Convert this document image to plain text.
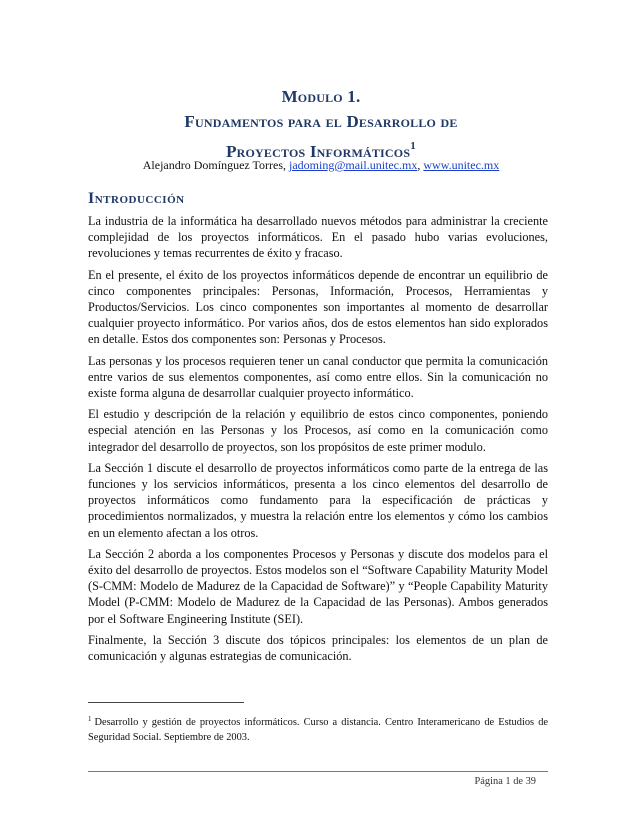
Modulo 1.
Fundamentos para el Desarrollo de
Proyectos Informáticos$^1$
Alejandro Domínguez Torres, jadoming@mail.unitec.mx, www.unitec.mx
Introducción

La industria de la informática ha desarrollado nuevos métodos para administrar la creciente complejidad de los proyectos informáticos. En el pasado hubo varias evoluciones, revoluciones y temas recurrentes de éxito y fracaso.

En el presente, el éxito de los proyectos informáticos depende de encontrar un equilibrio de cinco componentes principales: Personas, Información, Procesos, Herramientas y Productos/Servicios. Los cinco componentes son importantes al momento de desarrollar cualquier proyecto informático. Por varios años, dos de estos elementos han sido explorados en detalle. Estos dos componentes son: Personas y Procesos.

Las personas y los procesos requieren tener un canal conductor que permita la comunicación entre varios de sus elementos componentes, así como entre ellos. Sin la comunicación no existe forma alguna de desarrollar cualquier proyecto informático.

El estudio y descripción de la relación y equilibrio de estos cinco componentes, poniendo especial atención en las Personas y los Procesos, así como en la comunicación como integrador del desarrollo de proyectos, son los propósitos de este primer modulo.

La Sección 1 discute el desarrollo de proyectos informáticos como parte de la entrega de las funciones y los servicios informáticos, presenta a los cinco elementos del desarrollo de proyectos informáticos como fundamento para la especificación de prácticas y procedimientos normalizados, y muestra la relación entre los elementos y cómo los cambios en un elemento afectan a los otros.

La Sección 2 aborda a los componentes Procesos y Personas y discute dos modelos para el éxito del desarrollo de proyectos. Estos modelos son el “Software Capability Maturity Model (S-CMM: Modelo de Madurez de la Capacidad de Software)” y “People Capability Maturity Model (P-CMM: Modelo de Madurez de la Capacidad de las Personas). Ambos generados por el Software Engineering Institute (SEI).

Finalmente, la Sección 3 discute dos tópicos principales: los elementos de un plan de comunicación y algunas estrategias de comunicación.

$^1$ Desarrollo y gestión de proyectos informáticos. Curso a distancia. Centro Interamericano de Estudios de Seguridad Social. Septiembre de 2003.
Página 1 de 39
